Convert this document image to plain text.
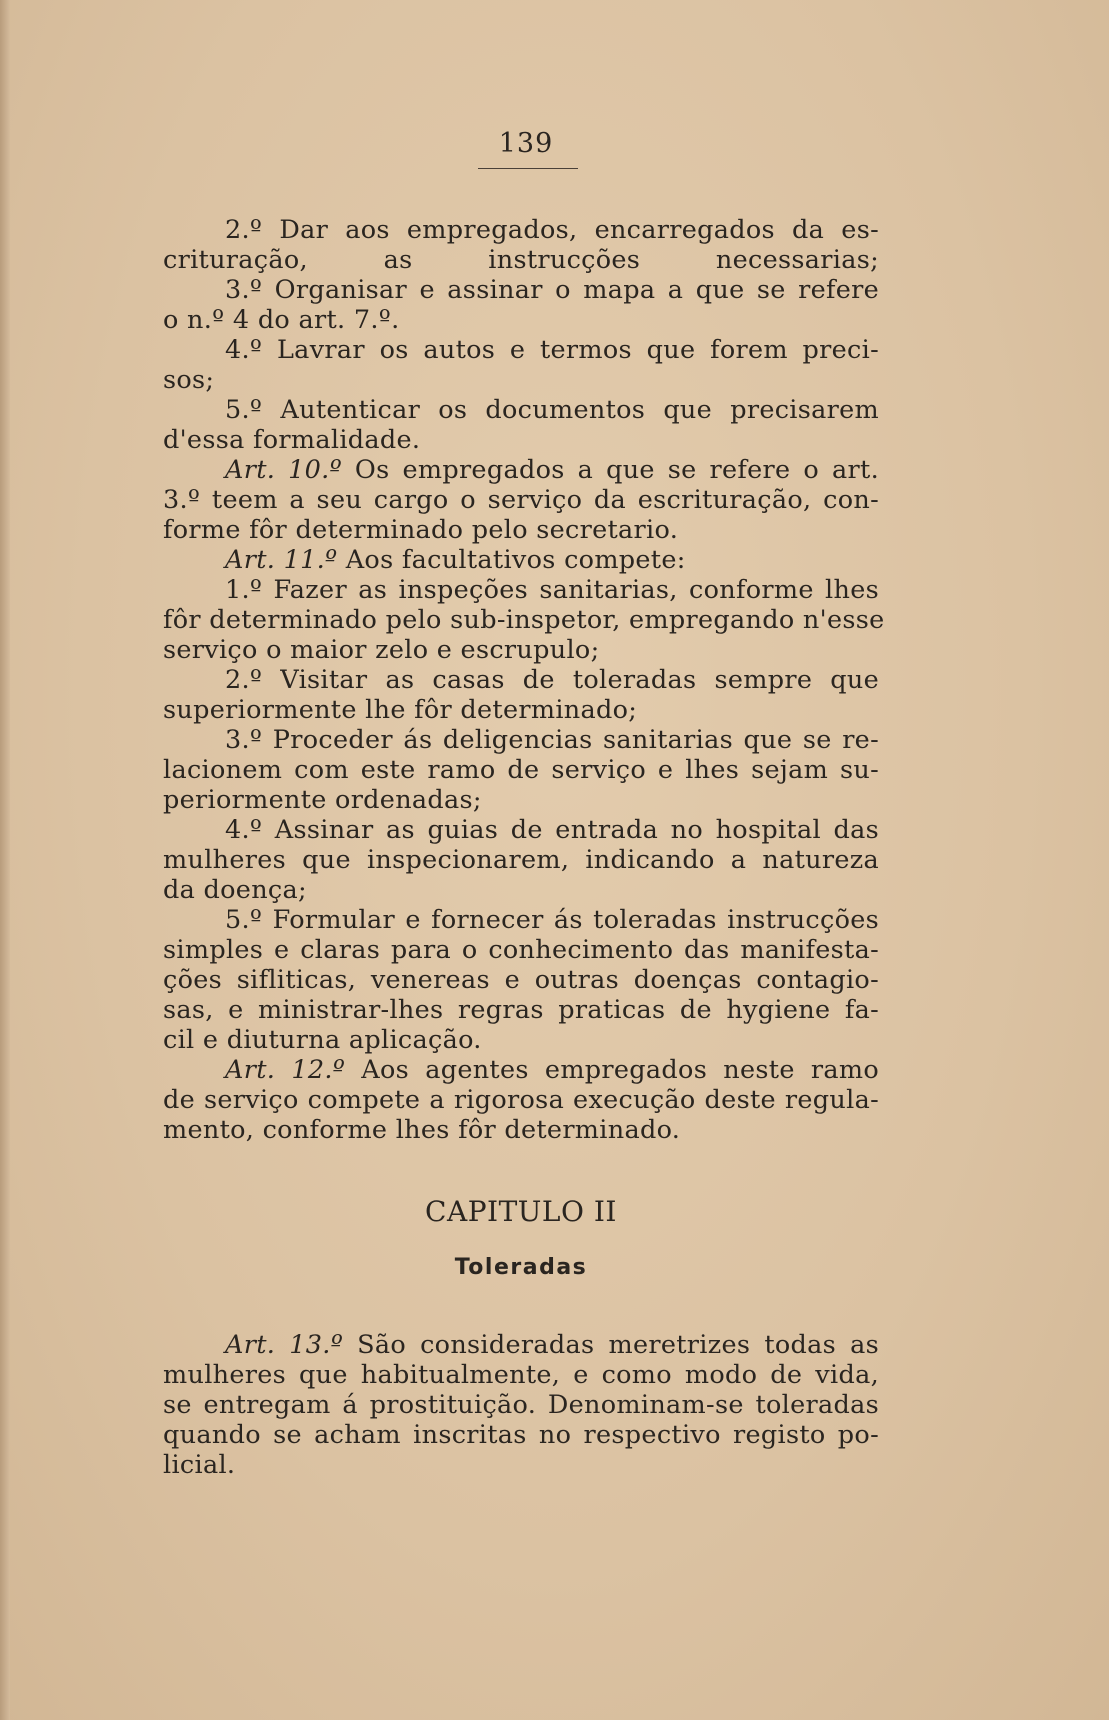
139
2.º Dar aos empregados, encarregados da es-
crituração, as instrucções necessarias;
3.º Organisar e assinar o mapa a que se refere
o n.º 4 do art. 7.º.
4.º Lavrar os autos e termos que forem preci-
sos;
5.º Autenticar os documentos que precisarem
d'essa formalidade.
Art. 10.º Os empregados a que se refere o art.
3.º teem a seu cargo o serviço da escrituração, con-
forme fôr determinado pelo secretario.
Art. 11.º Aos facultativos compete:
1.º Fazer as inspeções sanitarias, conforme lhes
fôr determinado pelo sub-inspetor, empregando n'esse
serviço o maior zelo e escrupulo;
2.º Visitar as casas de toleradas sempre que
superiormente lhe fôr determinado;
3.º Proceder ás deligencias sanitarias que se re-
lacionem com este ramo de serviço e lhes sejam su-
periormente ordenadas;
4.º Assinar as guias de entrada no hospital das
mulheres que inspecionarem, indicando a natureza
da doença;
5.º Formular e fornecer ás toleradas instrucções
simples e claras para o conhecimento das manifesta-
ções sifliticas, venereas e outras doenças contagio-
sas, e ministrar-lhes regras praticas de hygiene fa-
cil e diuturna aplicação.
Art. 12.º Aos agentes empregados neste ramo
de serviço compete a rigorosa execução deste regula-
mento, conforme lhes fôr determinado.
CAPITULO II
Toleradas
Art. 13.º São consideradas meretrizes todas as
mulheres que habitualmente, e como modo de vida,
se entregam á prostituição. Denominam-se toleradas
quando se acham inscritas no respectivo registo po-
licial.
